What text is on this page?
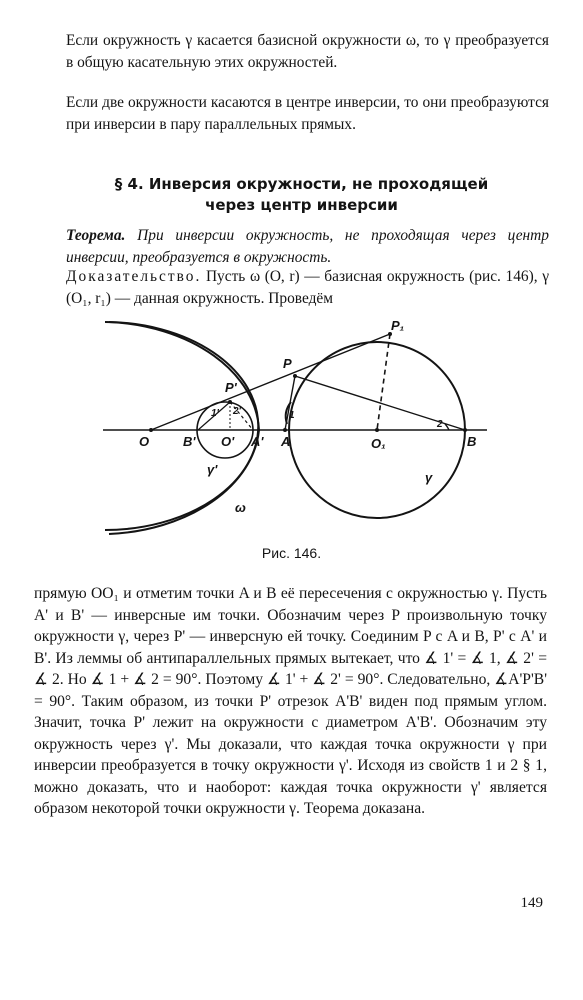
Если окружность γ касается базисной окружности ω, то γ преобразуется в общую касательную этих окружностей.

Если две окружности касаются в центре инверсии, то они преобразуются при инверсии в пару параллельных прямых.

§ 4. Инверсия окружности, не проходящей
через центр инверсии

Теорема. При инверсии окружность, не проходящая через центр инверсии, преобразуется в окружность.

Доказательство. Пусть ω (O, r) — базисная окружность (рис. 146), γ (O₁, r₁) — данная окружность. Проведём

O	B' O' A' A	O₁	B
P
P₁
P'
γ'
γ
ω
1
2
1' 2'
Рис. 146.

прямую OO₁ и отметим точки A и B её пересечения с окружностью γ. Пусть A' и B' — инверсные им точки. Обозначим через P произвольную точку окружности γ, через P' — инверсную ей точку. Соединим P с A и B, P' с A' и B'. Из леммы об антипараллельных прямых вытекает, что ∡ 1' = ∡ 1, ∡ 2' = ∡ 2. Но ∡ 1 + ∡ 2 = 90°. Поэтому ∡ 1' + ∡ 2' = 90°. Следовательно, ∡A'P'B' = 90°. Таким образом, из точки P' отрезок A'B' виден под прямым углом. Значит, точка P' лежит на окружности с диаметром A'B'. Обозначим эту окружность через γ'. Мы доказали, что каждая точка окружности γ при инверсии преобразуется в точку окружности γ'. Исходя из свойств 1 и 2 § 1, можно доказать, что и наоборот: каждая точка окружности γ' является образом некоторой точки окружности γ. Теорема доказана.

149
